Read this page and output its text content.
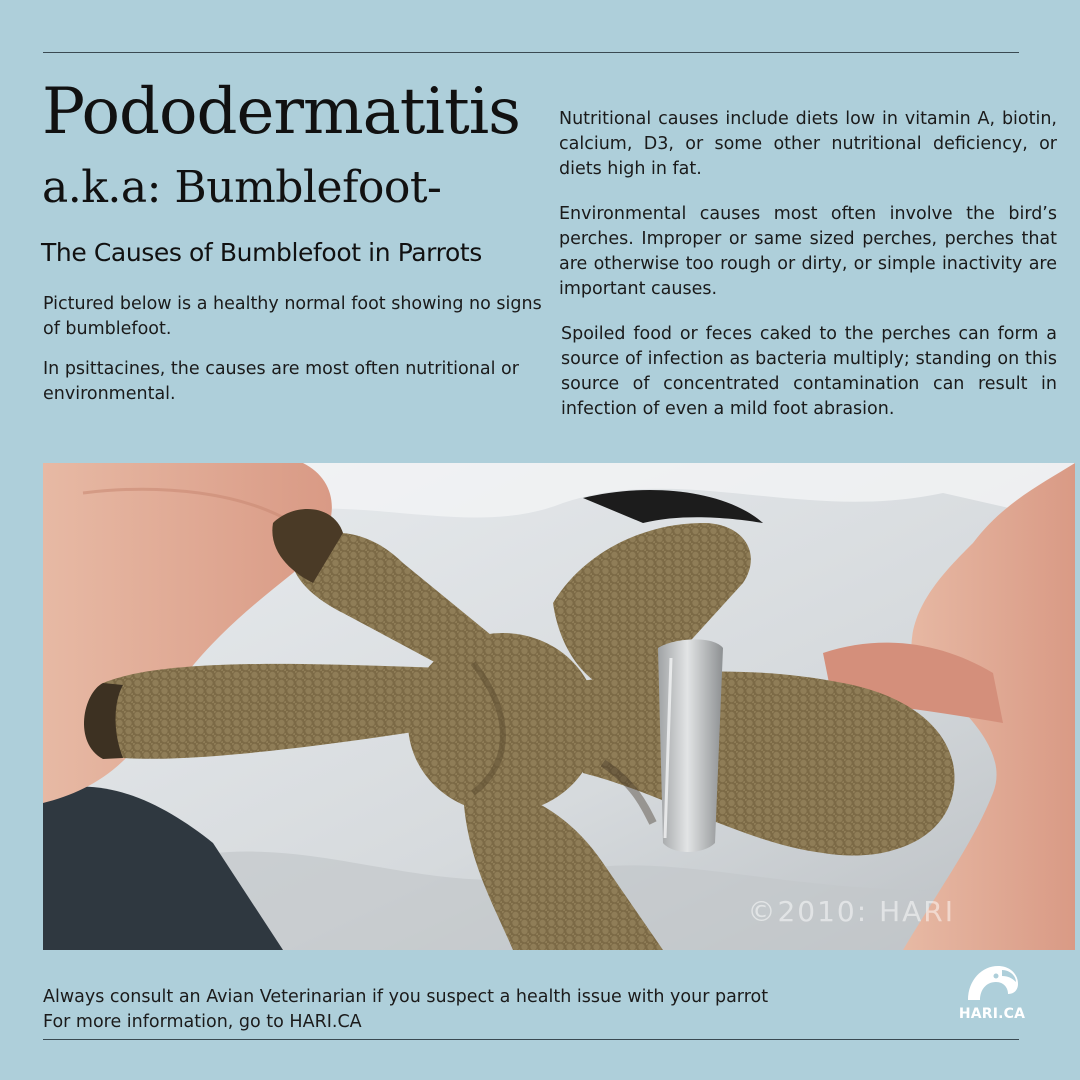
Pododermatitis
a.k.a: Bumblefoot-
The Causes of Bumblefoot in Parrots

Pictured below is a healthy normal foot showing no signs of bumblefoot.

In psittacines, the causes are most often nutritional or environmental.

Nutritional causes include diets low in vitamin A, biotin, calcium, D3, or some other nutritional deficiency, or diets high in fat.

Environmental causes most often involve the bird’s perches. Improper or same sized perches, perches that are otherwise too rough or dirty, or simple inactivity are important causes.

Spoiled food or feces caked to the perches can form a source of infection as bacteria multiply; standing on this source of concentrated contamination can result in infection of even a mild foot abrasion.

©2010: HARI

Always consult an Avian Veterinarian if you suspect a health issue with your parrot

For more information, go to HARI.CA	HARI.CA
